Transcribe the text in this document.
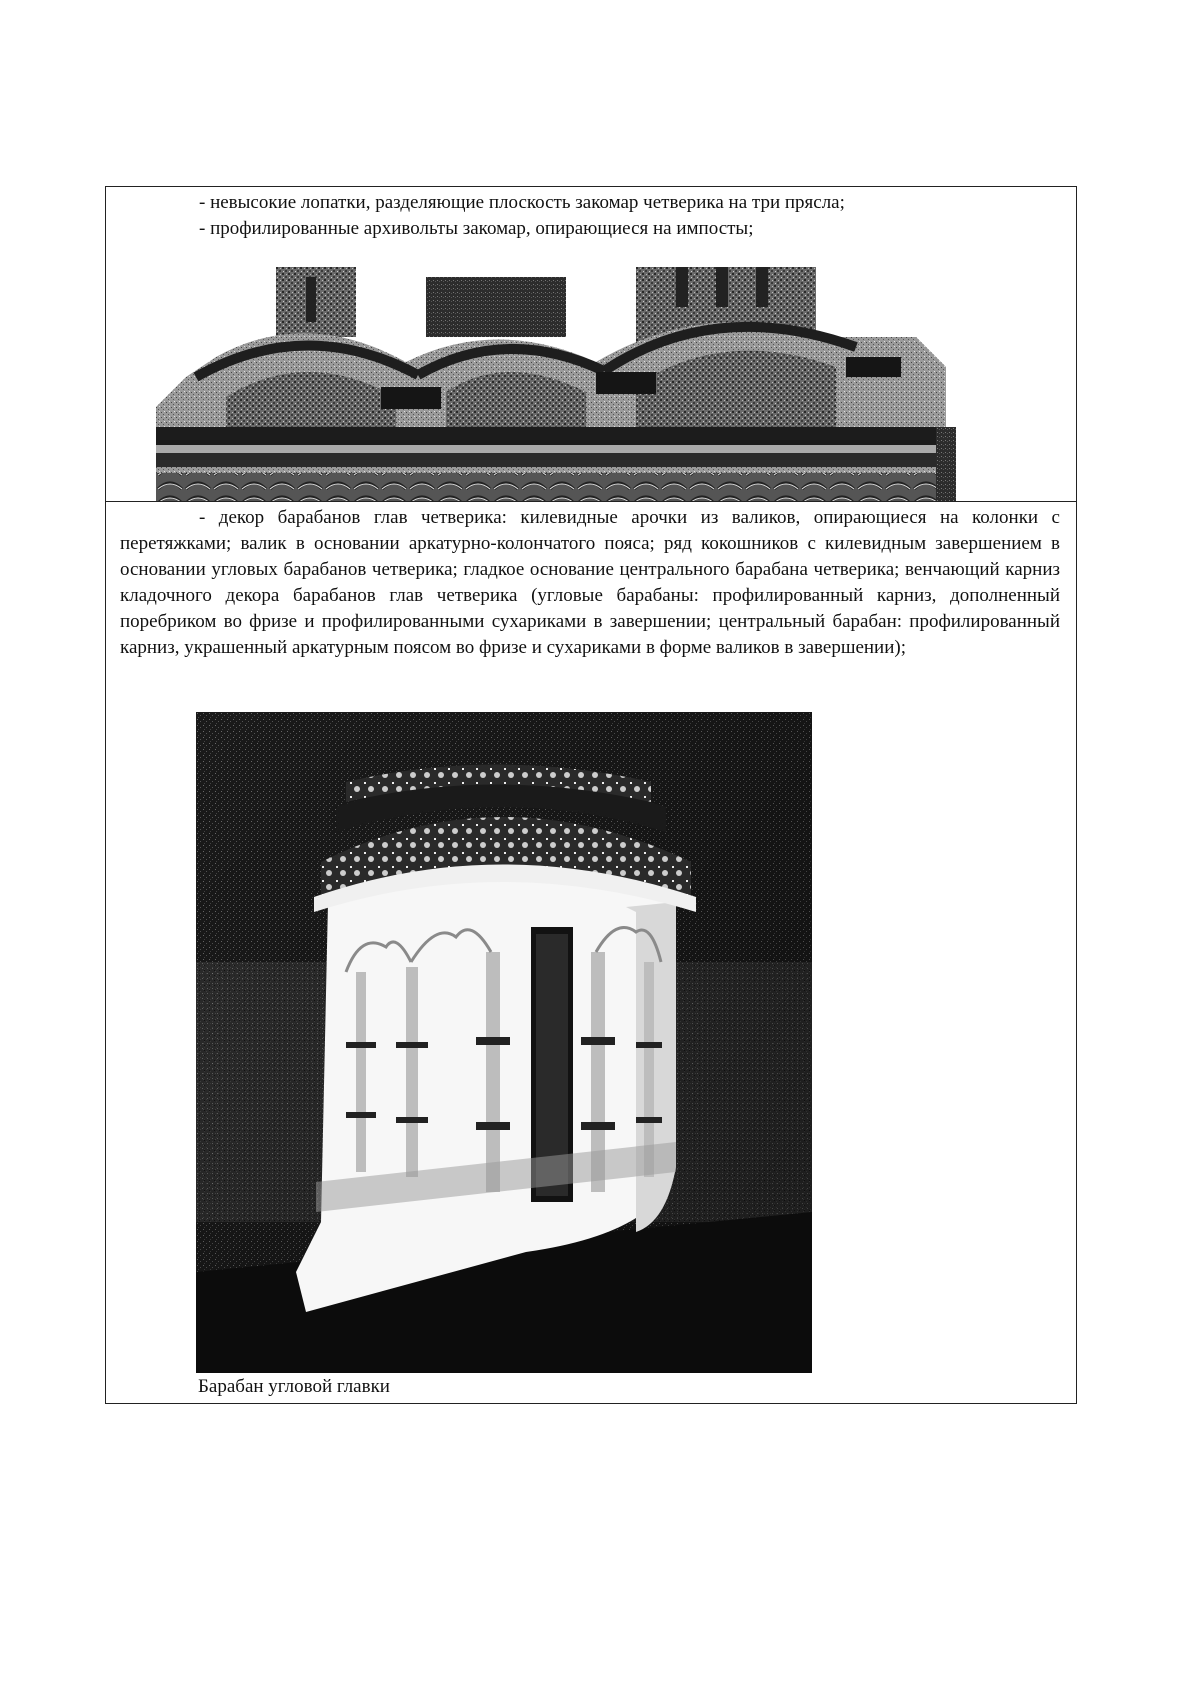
- невысокие лопатки, разделяющие плоскость закомар четверика на три прясла;
- профилированные архивольты закомар, опирающиеся на импосты;

- декор барабанов глав четверика: килевидные арочки из валиков, опирающиеся на колонки с перетяжками; валик в основании аркатурно-колончатого пояса; ряд кокошников с килевидным завершением в основании угловых барабанов четверика; гладкое основание центрального барабана четверика; венчающий карниз кладочного декора барабанов глав четверика (угловые барабаны: профилированный карниз, дополненный поребриком во фризе и профилированными сухариками в завершении; центральный барабан: профилированный карниз, украшенный аркатурным поясом во фризе и сухариками в форме валиков в завершении);

Барабан угловой главки
